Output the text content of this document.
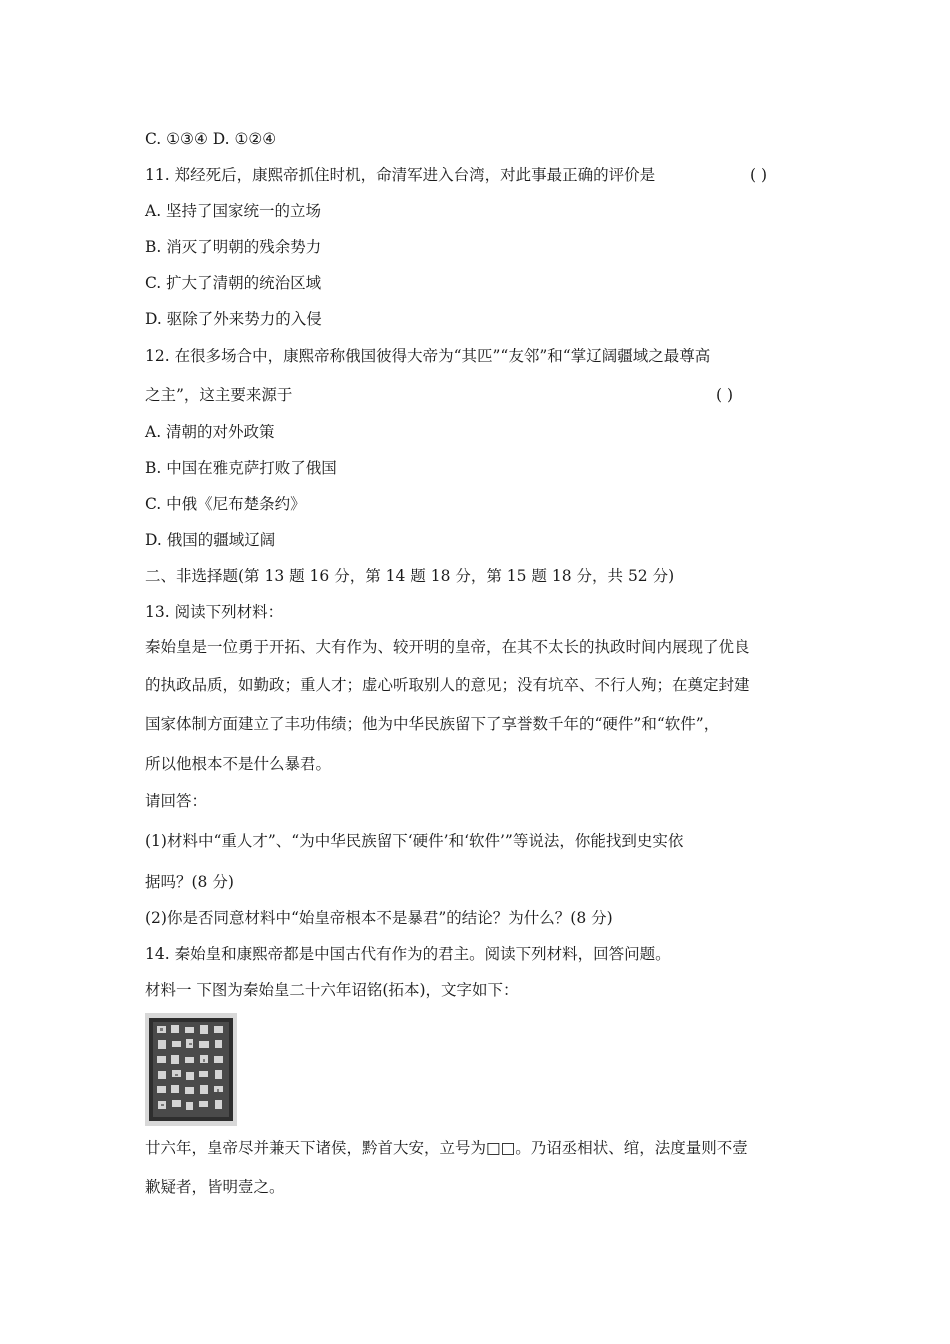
C. ①③④ D. ①②④
11. 郑经死后，康熙帝抓住时机，命清军进入台湾，对此事最正确的评价是	( )
A. 坚持了国家统一的立场
B. 消灭了明朝的残余势力
C. 扩大了清朝的统治区域
D. 驱除了外来势力的入侵
12. 在很多场合中，康熙帝称俄国彼得大帝为“其匹”“友邻”和“掌辽阔疆域之最尊高
之主”，这主要来源于	( )
A. 清朝的对外政策
B. 中国在雅克萨打败了俄国
C. 中俄《尼布楚条约》
D. 俄国的疆域辽阔
二、非选择题(第 13 题 16 分，第 14 题 18 分，第 15 题 18 分，共 52 分)
13. 阅读下列材料：
秦始皇是一位勇于开拓、大有作为、较开明的皇帝，在其不太长的执政时间内展现了优良
的执政品质，如勤政；重人才；虚心听取别人的意见；没有坑卒、不行人殉；在奠定封建
国家体制方面建立了丰功伟绩；他为中华民族留下了享誉数千年的“硬件”和“软件”，
所以他根本不是什么暴君。
请回答：
(1)材料中“重人才”、“为中华民族留下‘硬件’和‘软件’”等说法，你能找到史实依
据吗？(8 分)
(2)你是否同意材料中“始皇帝根本不是暴君”的结论？为什么？(8 分)
14. 秦始皇和康熙帝都是中国古代有作为的君主。阅读下列材料，回答问题。
材料一 下图为秦始皇二十六年诏铭(拓本)，文字如下：
廿六年，皇帝尽并兼天下诸侯，黔首大安，立号为□□。乃诏丞相状、绾，法度量则不壹
歉疑者，皆明壹之。
